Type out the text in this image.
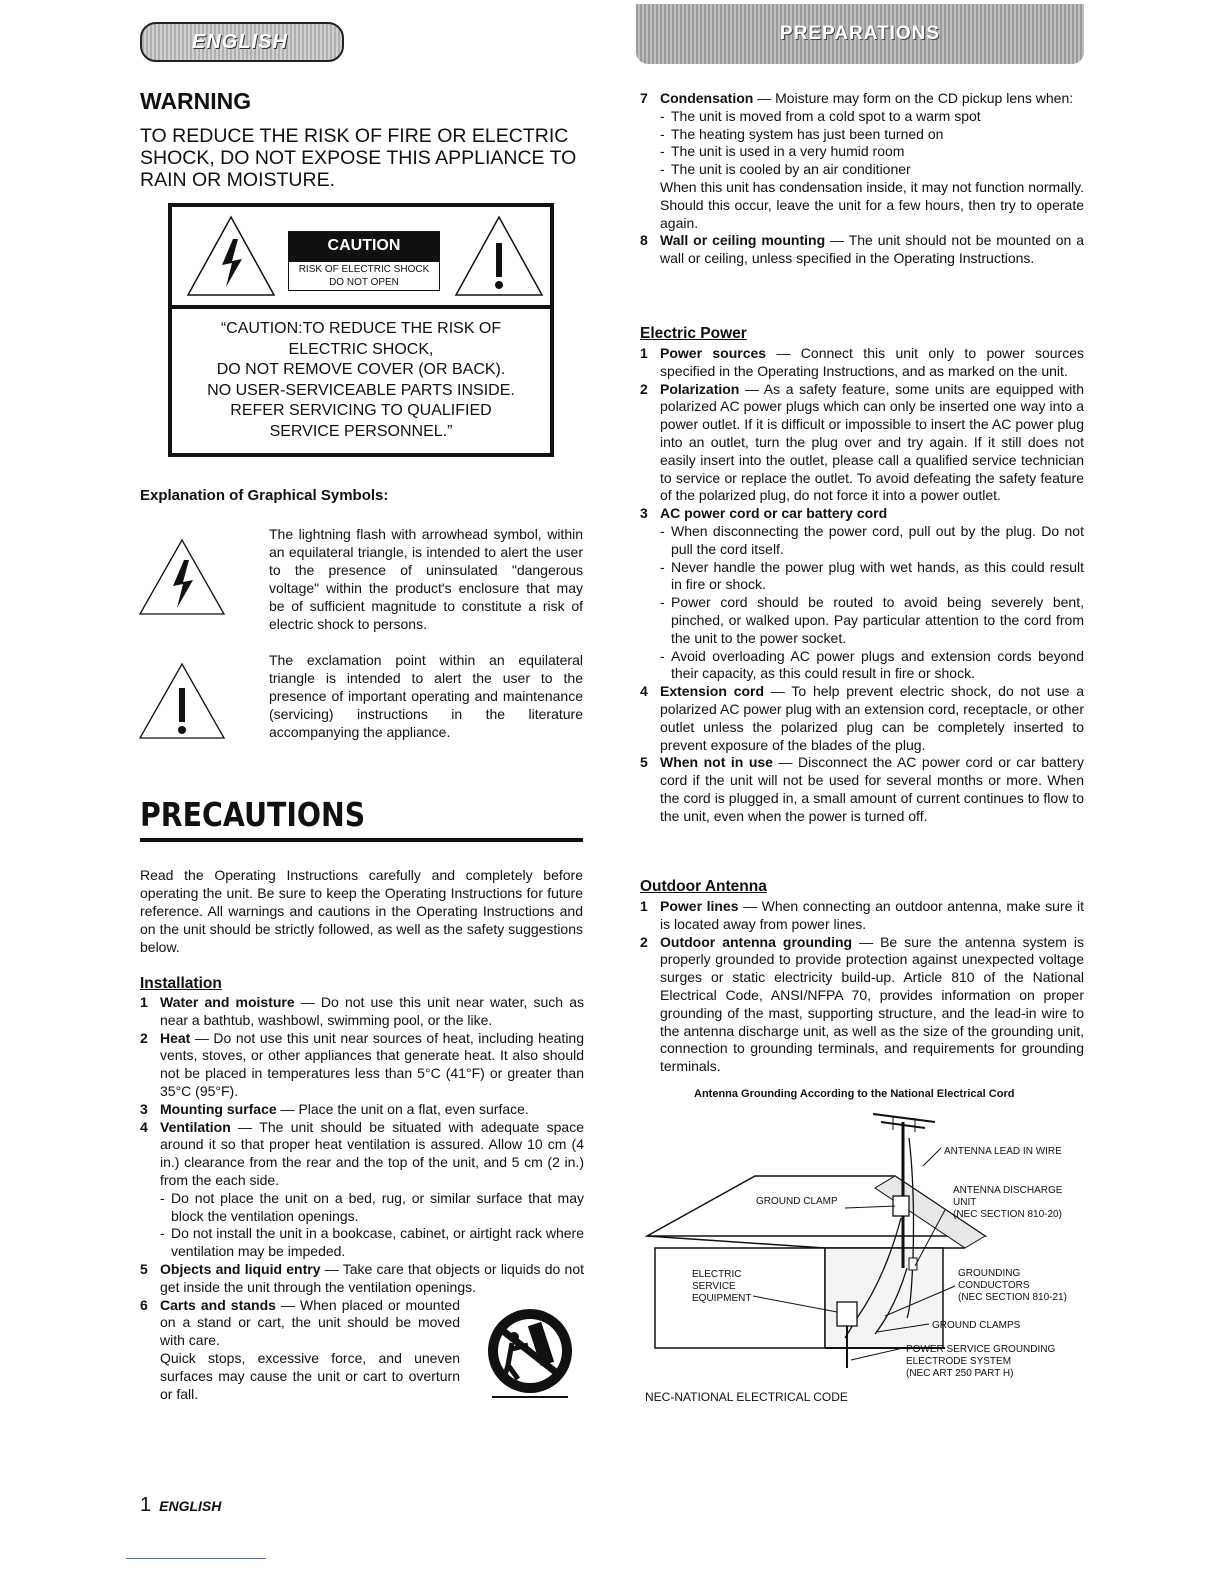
ENGLISH	PREPARATIONS
WARNING
TO REDUCE THE RISK OF FIRE OR ELECTRIC SHOCK, DO NOT EXPOSE THIS APPLIANCE TO RAIN OR MOISTURE.
CAUTION
RISK OF ELECTRIC SHOCK
DO NOT OPEN
“CAUTION:TO REDUCE THE RISK OF
ELECTRIC SHOCK,
DO NOT REMOVE COVER (OR BACK).
NO USER-SERVICEABLE PARTS INSIDE.
REFER SERVICING TO QUALIFIED
SERVICE PERSONNEL.”
Explanation of Graphical Symbols:
The lightning flash with arrowhead symbol, within an equilateral triangle, is intended to alert the user to the presence of uninsulated "dangerous voltage" within the product's enclosure that may be of sufficient magnitude to constitute a risk of electric shock to persons.
The exclamation point within an equilateral triangle is intended to alert the user to the presence of important operating and maintenance (servicing) instructions in the literature accompanying the appliance.
PRECAUTIONS
Read the Operating Instructions carefully and completely before operating the unit. Be sure to keep the Operating Instructions for future reference. All warnings and cautions in the Operating Instructions and on the unit should be strictly followed, as well as the safety suggestions below.
Installation
1 Water and moisture — Do not use this unit near water, such as near a bathtub, washbowl, swimming pool, or the like.
2 Heat — Do not use this unit near sources of heat, including heating vents, stoves, or other appliances that generate heat. It also should not be placed in temperatures less than 5°C (41°F) or greater than 35°C (95°F).
3 Mounting surface — Place the unit on a flat, even surface.
4 Ventilation — The unit should be situated with adequate space around it so that proper heat ventilation is assured. Allow 10 cm (4 in.) clearance from the rear and the top of the unit, and 5 cm (2 in.) from the each side.
- Do not place the unit on a bed, rug, or similar surface that may block the ventilation openings.
- Do not install the unit in a bookcase, cabinet, or airtight rack where ventilation may be impeded.
5 Objects and liquid entry — Take care that objects or liquids do not get inside the unit through the ventilation openings.
6 Carts and stands — When placed or mounted on a stand or cart, the unit should be moved with care.
Quick stops, excessive force, and uneven surfaces may cause the unit or cart to overturn or fall.
7 Condensation — Moisture may form on the CD pickup lens when:
- The unit is moved from a cold spot to a warm spot
- The heating system has just been turned on
- The unit is used in a very humid room
- The unit is cooled by an air conditioner
When this unit has condensation inside, it may not function normally. Should this occur, leave the unit for a few hours, then try to operate again.
8 Wall or ceiling mounting — The unit should not be mounted on a wall or ceiling, unless specified in the Operating Instructions.
Electric Power
1 Power sources — Connect this unit only to power sources specified in the Operating Instructions, and as marked on the unit.
2 Polarization — As a safety feature, some units are equipped with polarized AC power plugs which can only be inserted one way into a power outlet. If it is difficult or impossible to insert the AC power plug into an outlet, turn the plug over and try again. If it still does not easily insert into the outlet, please call a qualified service technician to service or replace the outlet. To avoid defeating the safety feature of the polarized plug, do not force it into a power outlet.
3 AC power cord or car battery cord
- When disconnecting the power cord, pull out by the plug. Do not pull the cord itself.
- Never handle the power plug with wet hands, as this could result in fire or shock.
- Power cord should be routed to avoid being severely bent, pinched, or walked upon. Pay particular attention to the cord from the unit to the power socket.
- Avoid overloading AC power plugs and extension cords beyond their capacity, as this could result in fire or shock.
4 Extension cord — To help prevent electric shock, do not use a polarized AC power plug with an extension cord, receptacle, or other outlet unless the polarized plug can be completely inserted to prevent exposure of the blades of the plug.
5 When not in use — Disconnect the AC power cord or car battery cord if the unit will not be used for several months or more. When the cord is plugged in, a small amount of current continues to flow to the unit, even when the power is turned off.
Outdoor Antenna
1 Power lines — When connecting an outdoor antenna, make sure it is located away from power lines.
2 Outdoor antenna grounding — Be sure the antenna system is properly grounded to provide protection against unexpected voltage surges or static electricity build-up. Article 810 of the National Electrical Code, ANSI/NFPA 70, provides information on proper grounding of the mast, supporting structure, and the lead-in wire to the antenna discharge unit, as well as the size of the grounding unit, connection to grounding terminals, and requirements for grounding terminals.
Antenna Grounding According to the National Electrical Cord
ANTENNA LEAD IN WIRE
GROUND CLAMP
ANTENNA DISCHARGE
UNIT
(NEC SECTION 810-20)
ELECTRIC
SERVICE
EQUIPMENT
GROUNDING
CONDUCTORS
(NEC SECTION 810-21)
GROUND CLAMPS
POWER SERVICE GROUNDING
ELECTRODE SYSTEM
(NEC ART 250 PART H)
NEC-NATIONAL ELECTRICAL CODE
1 ENGLISH
